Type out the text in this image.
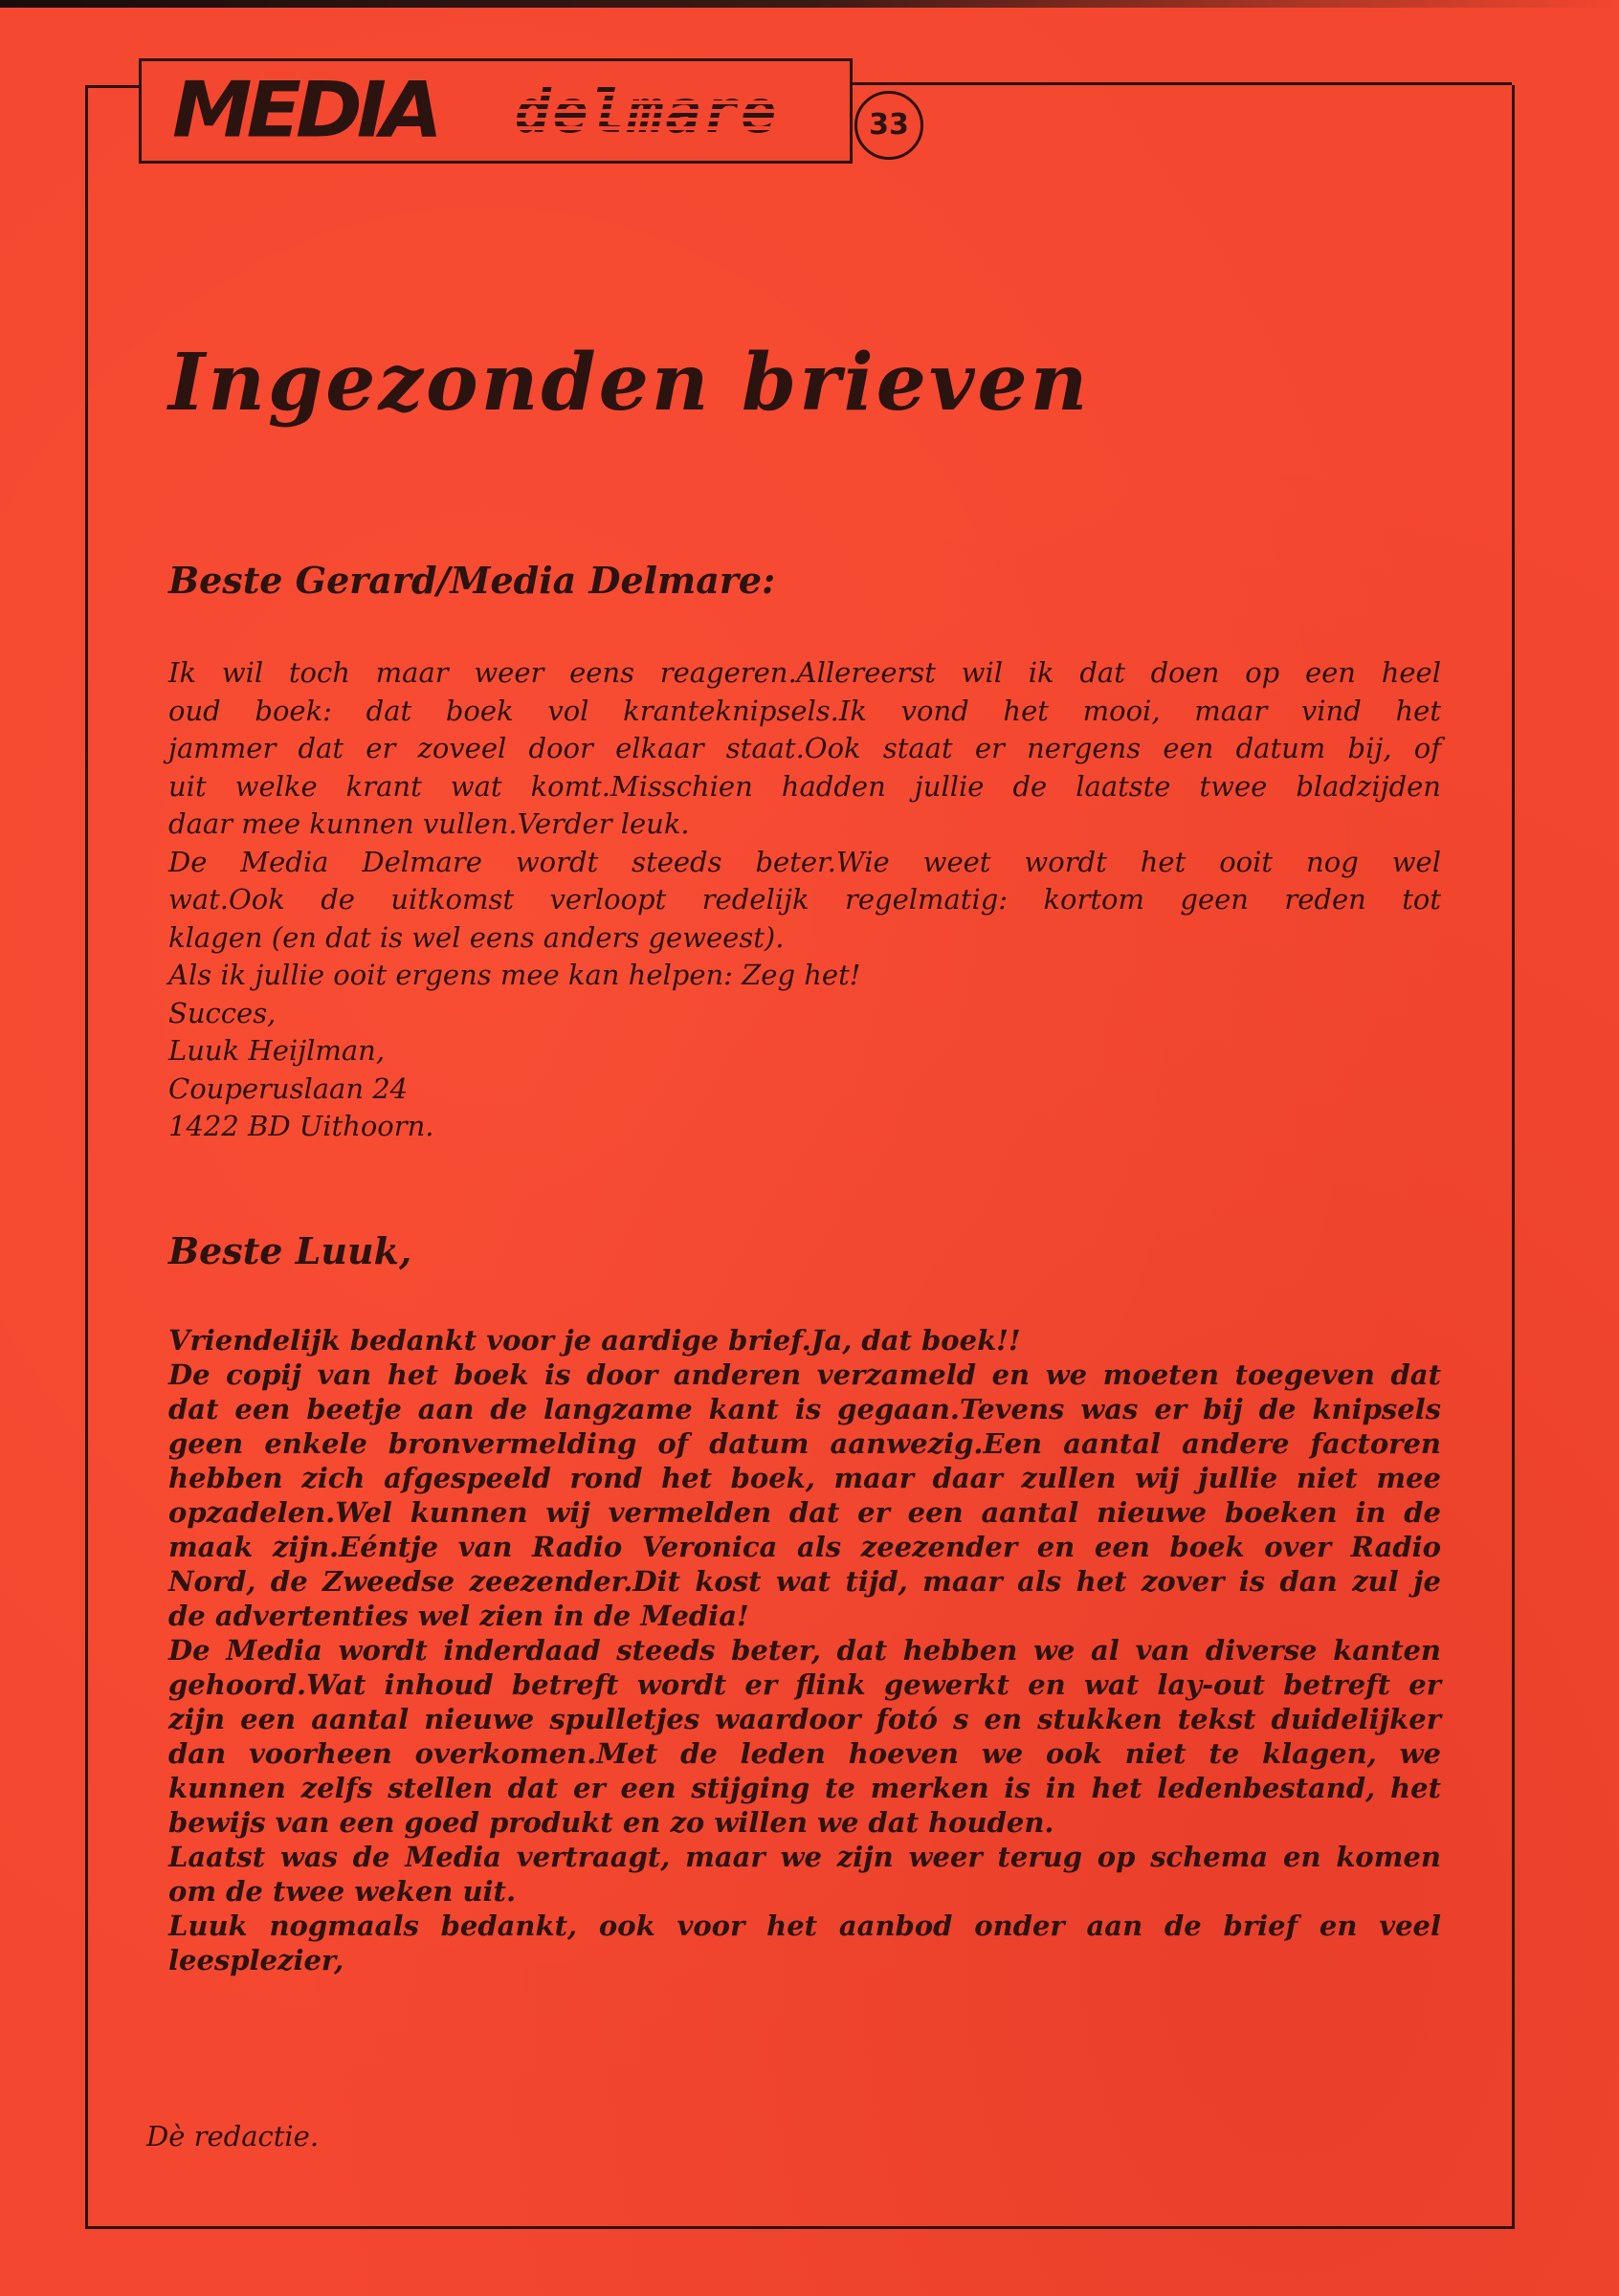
MEDIA delmare	33
Ingezonden brieven
Beste Gerard/Media Delmare:
Ik wil toch maar weer eens reageren.Allereerst wil ik dat doen op een heel
oud boek: dat boek vol kranteknipsels.Ik vond het mooi, maar vind het
jammer dat er zoveel door elkaar staat.Ook staat er nergens een datum bij, of
uit welke krant wat komt.Misschien hadden jullie de laatste twee bladzijden
daar mee kunnen vullen.Verder leuk.
De Media Delmare wordt steeds beter.Wie weet wordt het ooit nog wel
wat.Ook de uitkomst verloopt redelijk regelmatig: kortom geen reden tot
klagen (en dat is wel eens anders geweest).
Als ik jullie ooit ergens mee kan helpen: Zeg het!
Succes,
Luuk Heijlman,
Couperuslaan 24
1422 BD Uithoorn.
Beste Luuk,
Vriendelijk bedankt voor je aardige brief.Ja, dat boek!!
De copij van het boek is door anderen verzameld en we moeten toegeven dat
dat een beetje aan de langzame kant is gegaan.Tevens was er bij de knipsels
geen enkele bronvermelding of datum aanwezig.Een aantal andere factoren
hebben zich afgespeeld rond het boek, maar daar zullen wij jullie niet mee
opzadelen.Wel kunnen wij vermelden dat er een aantal nieuwe boeken in de
maak zijn.Eéntje van Radio Veronica als zeezender en een boek over Radio
Nord, de Zweedse zeezender.Dit kost wat tijd, maar als het zover is dan zul je
de advertenties wel zien in de Media!
De Media wordt inderdaad steeds beter, dat hebben we al van diverse kanten
gehoord.Wat inhoud betreft wordt er flink gewerkt en wat lay-out betreft er
zijn een aantal nieuwe spulletjes waardoor fotó s en stukken tekst duidelijker
dan voorheen overkomen.Met de leden hoeven we ook niet te klagen, we
kunnen zelfs stellen dat er een stijging te merken is in het ledenbestand, het
bewijs van een goed produkt en zo willen we dat houden.
Laatst was de Media vertraagt, maar we zijn weer terug op schema en komen
om de twee weken uit.
Luuk nogmaals bedankt, ook voor het aanbod onder aan de brief en veel
leesplezier,
Dè redactie.
